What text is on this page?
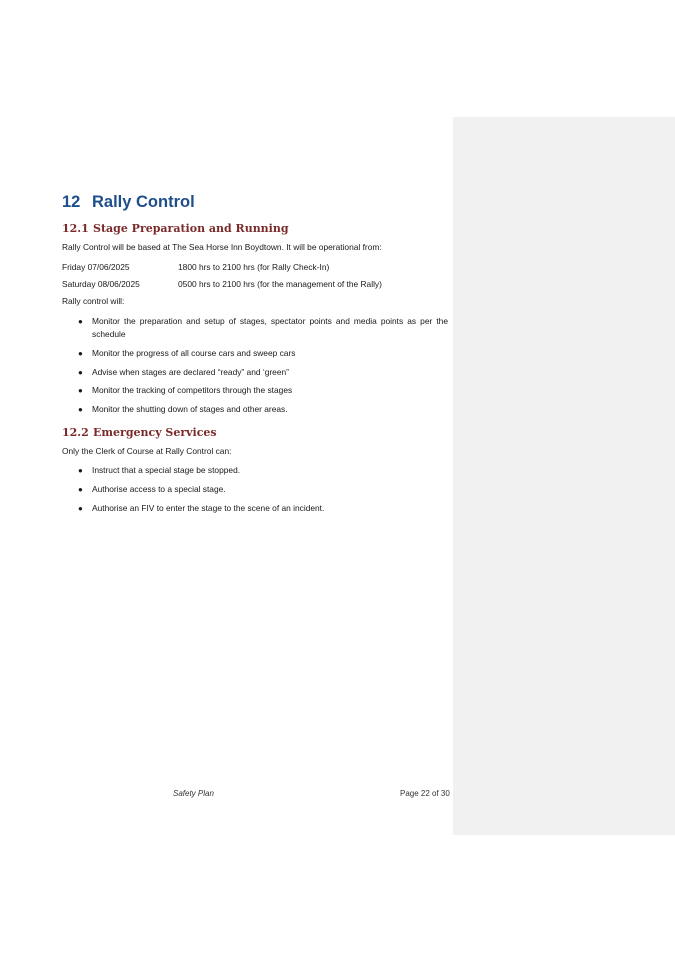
12 Rally Control
12.1 Stage Preparation and Running

Rally Control will be based at The Sea Horse Inn Boydtown. It will be operational from:

Friday 07/06/2025	1800 hrs to 2100 hrs (for Rally Check-In)
Saturday 08/06/2025	0500 hrs to 2100 hrs (for the management of the Rally)

Rally control will:

● Monitor the preparation and setup of stages, spectator points and media points as per the schedule
● Monitor the progress of all course cars and sweep cars
● Advise when stages are declared “ready” and ‘green”
● Monitor the tracking of competitors through the stages
● Monitor the shutting down of stages and other areas.
12.2 Emergency Services

Only the Clerk of Course at Rally Control can:

● Instruct that a special stage be stopped.
● Authorise access to a special stage.
● Authorise an FIV to enter the stage to the scene of an incident.
Safety Plan	Page 22 of 30
